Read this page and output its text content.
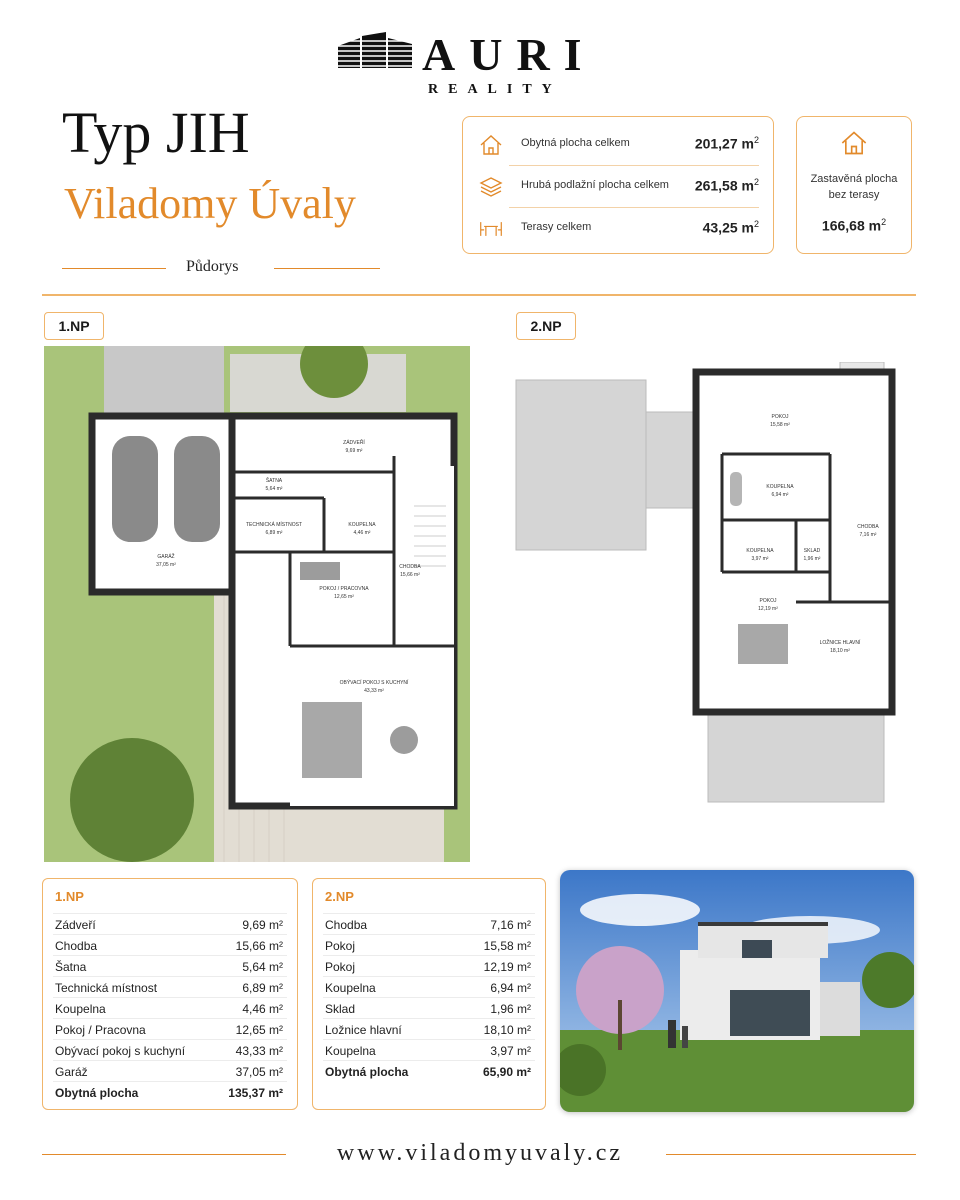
AURI
REALITY
Typ JIH
Viladomy Úvaly
Půdorys
Obytná plocha celkem	201,27 $m^2$
Hrubá podlažní plocha celkem 261,58 $m^2$
Terasy celkem	43,25 $m^2$
Zastavěná plocha
bez terasy
166,68 $m^2$
1.NP	2.NP
ZÁDVEŘÍ
9,69 m²
ŠATNA
5,64 m²
TECHNICKÁ MÍSTNOST
6,89 m²
KOUPELNA
4,46 m²
GARÁŽ
37,05 m²	CHODBA
15,66 m²
POKOJ / PRACOVNA
12,65 m²
OBÝVACÍ POKOJ S KUCHYNÍ
43,33 m²
POKOJ
15,58 m²
KOUPELNA
6,94 m²
CHODBA
7,16 m²
KOUPELNA
3,97 m²
SKLAD
1,96 m²
POKOJ
12,19 m²
LOŽNICE HLAVNÍ
18,10 m²
1.NP
Zádveří	9,69 m²
Chodba	15,66 m²
Šatna	5,64 m²
Technická místnost	6,89 m²
Koupelna	4,46 m²
Pokoj / Pracovna	12,65 m²
Obývací pokoj s kuchyní	43,33 m²
Garáž	37,05 m²
Obytná plocha	135,37 m²
2.NP
Chodba	7,16 m²
Pokoj	15,58 m²
Pokoj	12,19 m²
Koupelna	6,94 m²
Sklad	1,96 m²
Ložnice hlavní	18,10 m²
Koupelna	3,97 m²
Obytná plocha	65,90 m²
www.viladomyuvaly.cz
